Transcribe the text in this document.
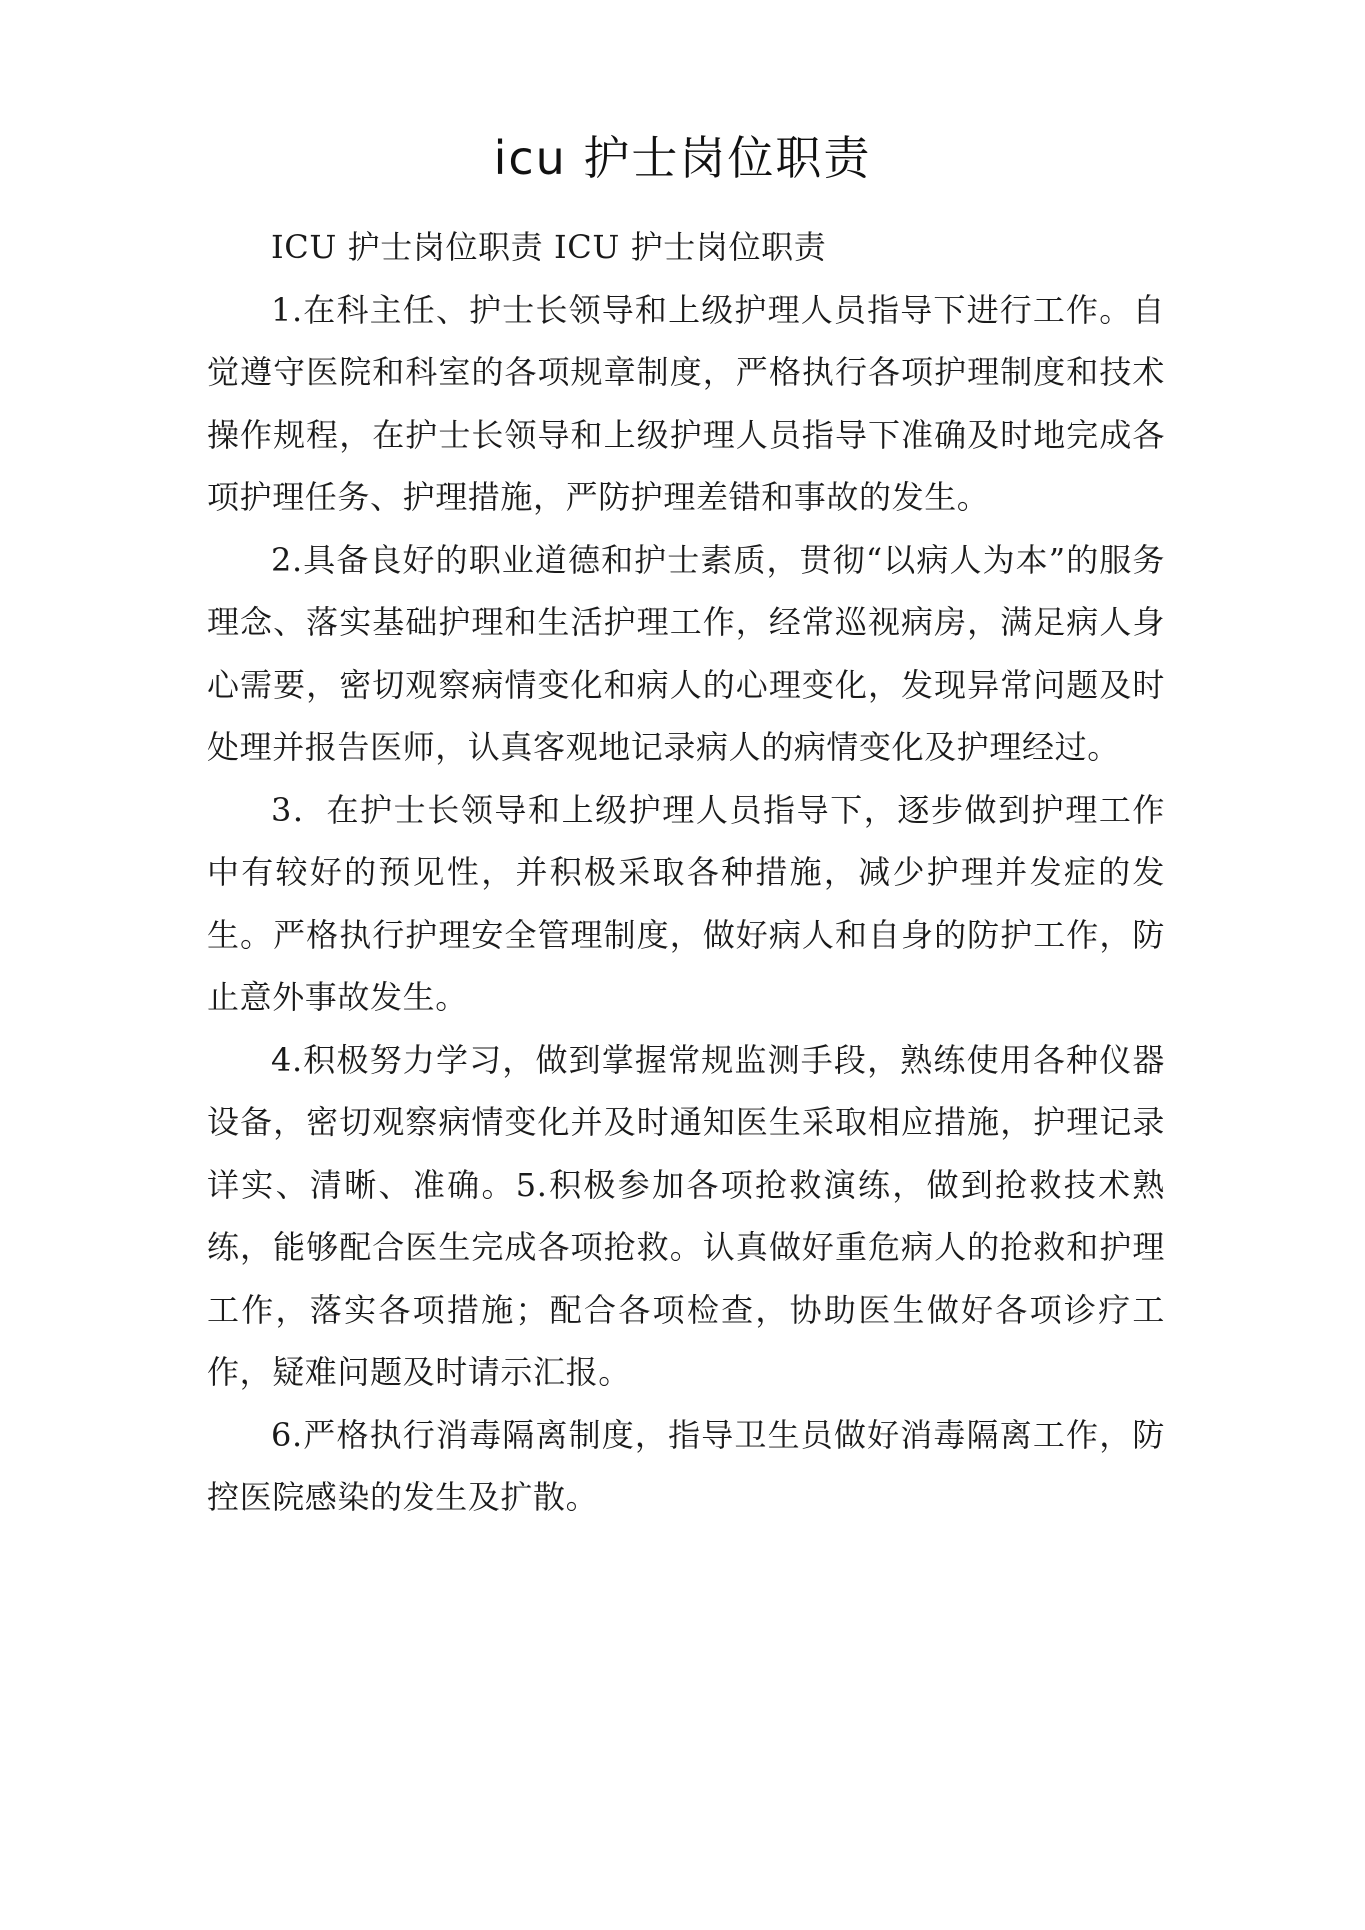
icu 护士岗位职责

ICU 护士岗位职责 ICU 护士岗位职责

1.在科主任、护士长领导和上级护理人员指导下进行工作。自觉遵守医院和科室的各项规章制度，严格执行各项护理制度和技术操作规程，在护士长领导和上级护理人员指导下准确及时地完成各项护理任务、护理措施，严防护理差错和事故的发生。

2.具备良好的职业道德和护士素质，贯彻“以病人为本”的服务理念、落实基础护理和生活护理工作，经常巡视病房，满足病人身心需要，密切观察病情变化和病人的心理变化，发现异常问题及时处理并报告医师，认真客观地记录病人的病情变化及护理经过。

3．在护士长领导和上级护理人员指导下，逐步做到护理工作中有较好的预见性，并积极采取各种措施，减少护理并发症的发生。严格执行护理安全管理制度，做好病人和自身的防护工作，防止意外事故发生。

4.积极努力学习，做到掌握常规监测手段，熟练使用各种仪器设备，密切观察病情变化并及时通知医生采取相应措施，护理记录详实、清晰、准确。5.积极参加各项抢救演练，做到抢救技术熟练，能够配合医生完成各项抢救。认真做好重危病人的抢救和护理工作，落实各项措施；配合各项检查，协助医生做好各项诊疗工作，疑难问题及时请示汇报。

6.严格执行消毒隔离制度，指导卫生员做好消毒隔离工作，防控医院感染的发生及扩散。
